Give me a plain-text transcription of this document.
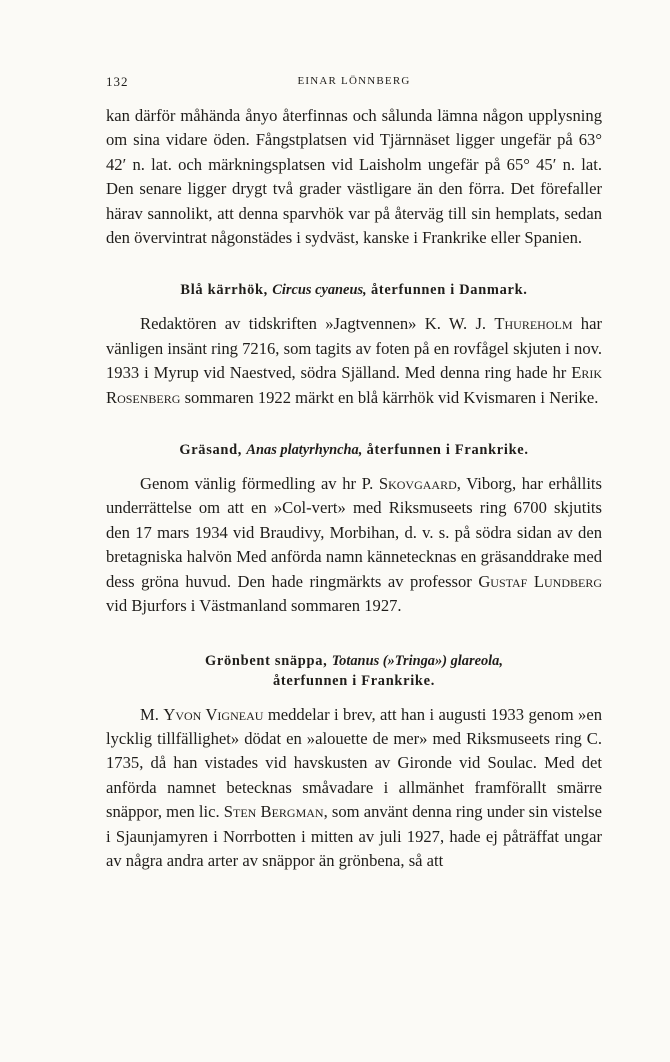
132	EINAR LÖNNBERG

kan därför måhända ånyo återfinnas och sålunda lämna någon upplysning om sina vidare öden. Fångstplatsen vid Tjärnnäset ligger ungefär på 63° 42′ n. lat. och märkningsplatsen vid Laisholm ungefär på 65° 45′ n. lat. Den senare ligger drygt två grader västligare än den förra. Det förefaller härav sannolikt, att denna sparvhök var på återväg till sin hemplats, sedan den övervintrat någonstädes i sydväst, kanske i Frankrike eller Spanien.

Blå kärrhök, Circus cyaneus, återfunnen i Danmark.

Redaktören av tidskriften »Jagtvennen» K. W. J. Thureholm har vänligen insänt ring 7216, som tagits av foten på en rovfågel skjuten i nov. 1933 i Myrup vid Naestved, södra Själland. Med denna ring hade hr Erik Rosenberg sommaren 1922 märkt en blå kärrhök vid Kvismaren i Nerike.

Gräsand, Anas platyrhyncha, återfunnen i Frankrike.

Genom vänlig förmedling av hr P. Skovgaard, Viborg, har erhållits underrättelse om att en »Col-vert» med Riksmuseets ring 6700 skjutits den 17 mars 1934 vid Braudivy, Morbihan, d. v. s. på södra sidan av den bretagniska halvön Med anförda namn kännetecknas en gräsanddrake med dess gröna huvud. Den hade ringmärkts av professor Gustaf Lundberg vid Bjurfors i Västmanland sommaren 1927.

Grönbent snäppa, Totanus (»Tringa») glareola,
återfunnen i Frankrike.

M. Yvon Vigneau meddelar i brev, att han i augusti 1933 genom »en lycklig tillfällighet» dödat en »alouette de mer» med Riksmuseets ring C. 1735, då han vistades vid havskusten av Gironde vid Soulac. Med det anförda namnet betecknas småvadare i allmänhet framförallt smärre snäppor, men lic. Sten Bergman, som använt denna ring under sin vistelse i Sjaunjamyren i Norrbotten i mitten av juli 1927, hade ej påträffat ungar av några andra arter av snäppor än grönbena, så att
